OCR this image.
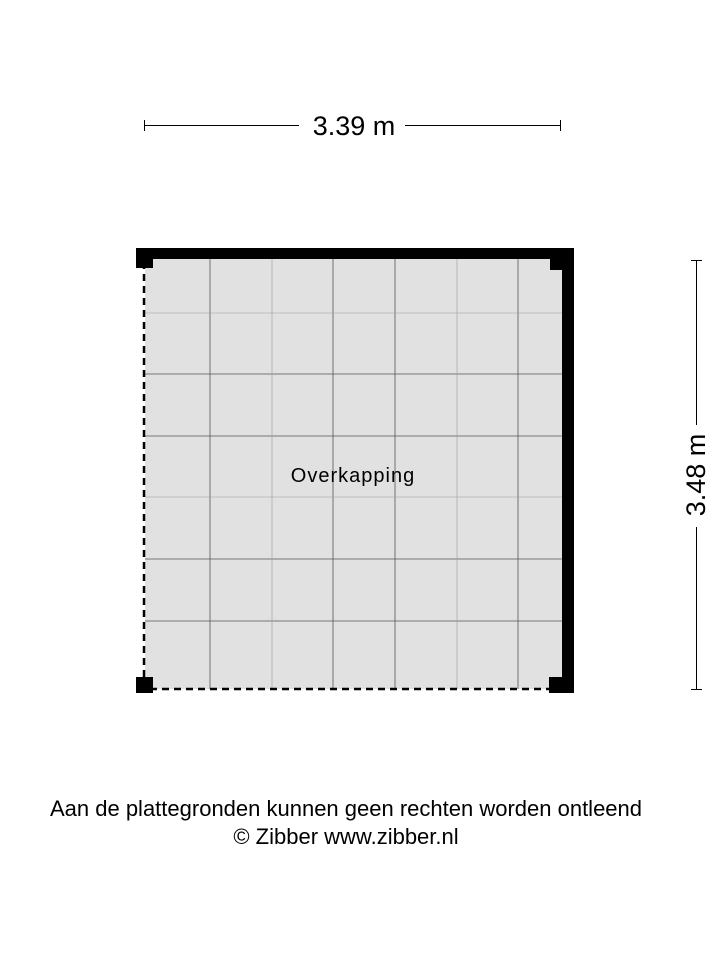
3.39 m
3.48 m
Overkapping
Aan de plattegronden kunnen geen rechten worden ontleend
© Zibber www.zibber.nl
